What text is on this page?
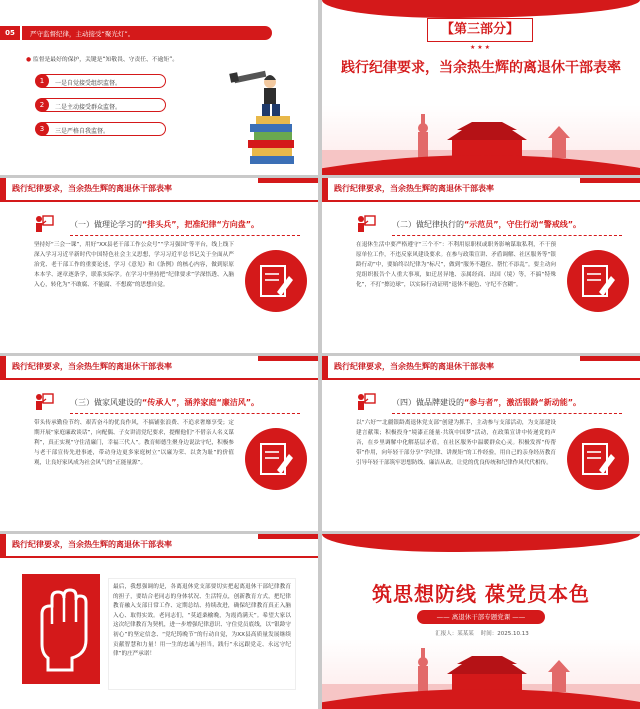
05	严守监督纪律，主动接受“聚光灯”。
● 监督是最好的保护，关键是“知敬畏、守责任、不逾矩”。
1	一是自觉接受组织监督。
2	二是主动接受群众监督。
3	三是严格自我监督。
【第三部分】
★ ★ ★
践行纪律要求，当余热生辉的离退休干部表率
践行纪律要求，当余热生辉的离退休干部表率
（一）做理论学习的“排头兵”，把准纪律“方向盘”。
坚持好“三会一课”，用好“XX县老干部工作公众号”“学习强国”等平台，线上线下深入学习习近平新时代中国特色社会主义思想，学习习近平总书记关于全面从严治党、老干部工作的重要论述，学习《意见》和《条例》的核心内容，做到原原本本学、逐章逐条学，联系实际学。在学习中坚持把“纪律要求”学深悟透、入脑入心，转化为“不敢腐、不能腐、不想腐”的思想自觉。
践行纪律要求，当余热生辉的离退休干部表率
（二）做纪律执行的“示范员”，守住行动“警戒线”。
在退休生活中要严格遵守“三个不”：不利用原职权或职务影响谋取私利，不干预原单位工作，不违反家风建设要求。在参与政策宣讲、矛盾调解、社区服务等“银龄行动”中，要始终以纪律为“标尺”，做到“服务不越位、帮忙不添乱”。要主动向党组织报告个人重大事项，如迁居异地、亲属经商、出国（境）等，不搞“特殊化”，不打“擦边球”，以实际行动证明“退休不褪色、守纪不含糊”。
践行纪律要求，当余热生辉的离退休干部表率
（三）做家风建设的“传承人”，涵养家庭“廉洁风”。
带头传承勤俭节约、艰苦奋斗的优良作风，不搞铺张浪费、不追求奢靡享受；定期开展“家庭廉政谈话”，向配偶、子女讲清党纪要求，提醒他们“不借亲人名义谋利”，真正实现“守住清廉门，幸福三代人”。教育师德生聚身边说法守纪，积极参与老干部宣传先进事迹，带动身边更多家庭树立“以廉为荣、以贪为耻”的价值观，让良好家风成为社会风气的“正能量源”。
践行纪律要求，当余热生辉的离退休干部表率
（四）做品牌建设的“参与者”，激活银龄“新动能”。
以“六好”“北疆银龄离退休党支部”创建为抓手，主动参与支部活动，为支部建设建言献策；积极投身“境漆正能量·共筑中国梦”活动，在政策宣讲中传递党的声音，在乡里调解中化解基层矛盾，在社区服务中温暖群众心灵。积极发挥“传帮带”作用，向年轻干部分享“学纪律、讲规矩”的工作经验，用自己的亲身经历教育引导年轻干部筑牢思想防线、廉洁从政，让党的优良传统和纪律作风代代相传。
践行纪律要求，当余热生辉的离退休干部表率
最后，我想强调的是，各离退休党支部要切实把起离退休干部纪律教育的担子，要结合老同志的身体状况、生活特点，创新教育方式，把纪律教育融入支部日常工作、定期总结、持续改进，确保纪律教育真正入脑入心、取得实效。老同志们，“莫道桑榆晚，为霞尚满天”。希望大家以这次纪律教育为契机，进一步增强纪律意识、守住党员底线，以“银龄守初心”的坚定信念、“党纪铸晚节”的行动自觉，为XX县高质量发展继续贡献智慧和力量！用一生的忠诚与担当，践行“永远跟党走、永远守纪律”的庄严承诺！
筑思想防线 葆党员本色
—— 离退休干部专题党课 ——
汇报人：某某某 时间：2025.10.13
